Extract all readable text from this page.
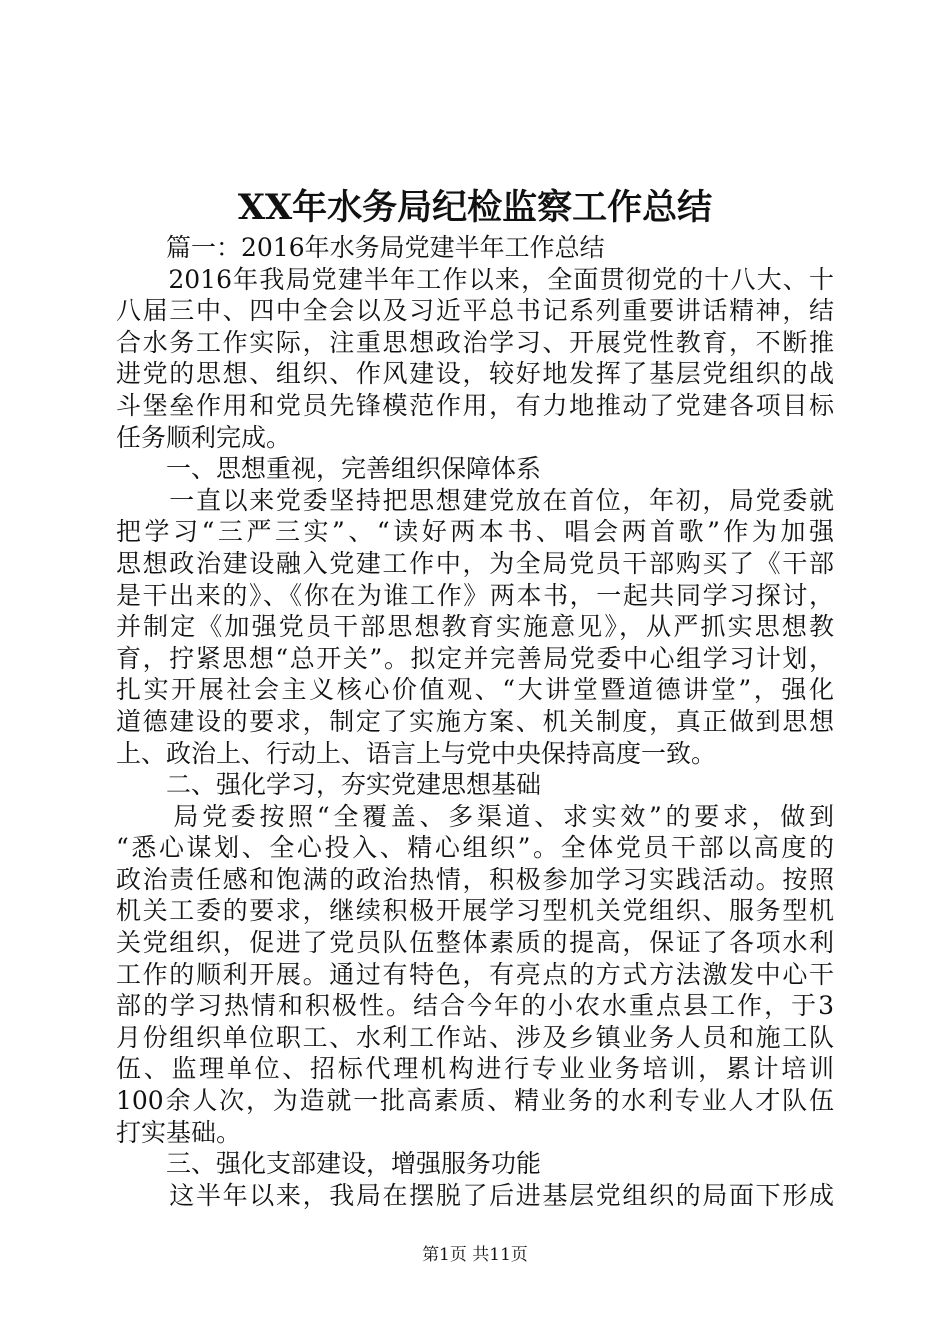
XX年水务局纪检监察工作总结
　　篇一：2016年水务局党建半年工作总结
　　2016年我局党建半年工作以来，全面贯彻党的十八大、十
八届三中、四中全会以及习近平总书记系列重要讲话精神，结
合水务工作实际，注重思想政治学习、开展党性教育，不断推
进党的思想、组织、作风建设，较好地发挥了基层党组织的战
斗堡垒作用和党员先锋模范作用，有力地推动了党建各项目标
任务顺利完成。
　　一、思想重视，完善组织保障体系
　　一直以来党委坚持把思想建党放在首位，年初，局党委就
把学习“三严三实”、“读好两本书、唱会两首歌”作为加强
思想政治建设融入党建工作中，为全局党员干部购买了《干部
是干出来的》、《你在为谁工作》两本书，一起共同学习探讨，
并制定《加强党员干部思想教育实施意见》，从严抓实思想教
育，拧紧思想“总开关”。拟定并完善局党委中心组学习计划，
扎实开展社会主义核心价值观、“大讲堂暨道德讲堂”，强化
道德建设的要求，制定了实施方案、机关制度，真正做到思想
上、政治上、行动上、语言上与党中央保持高度一致。
　　二、强化学习，夯实党建思想基础
　　局党委按照“全覆盖、多渠道、求实效”的要求，做到
“悉心谋划、全心投入、精心组织”。全体党员干部以高度的
政治责任感和饱满的政治热情，积极参加学习实践活动。按照
机关工委的要求，继续积极开展学习型机关党组织、服务型机
关党组织，促进了党员队伍整体素质的提高，保证了各项水利
工作的顺利开展。通过有特色，有亮点的方式方法激发中心干
部的学习热情和积极性。结合今年的小农水重点县工作，于3
月份组织单位职工、水利工作站、涉及乡镇业务人员和施工队
伍、监理单位、招标代理机构进行专业业务培训，累计培训
100余人次，为造就一批高素质、精业务的水利专业人才队伍
打实基础。
　　三、强化支部建设，增强服务功能
　　这半年以来，我局在摆脱了后进基层党组织的局面下形成
第1页 共11页
